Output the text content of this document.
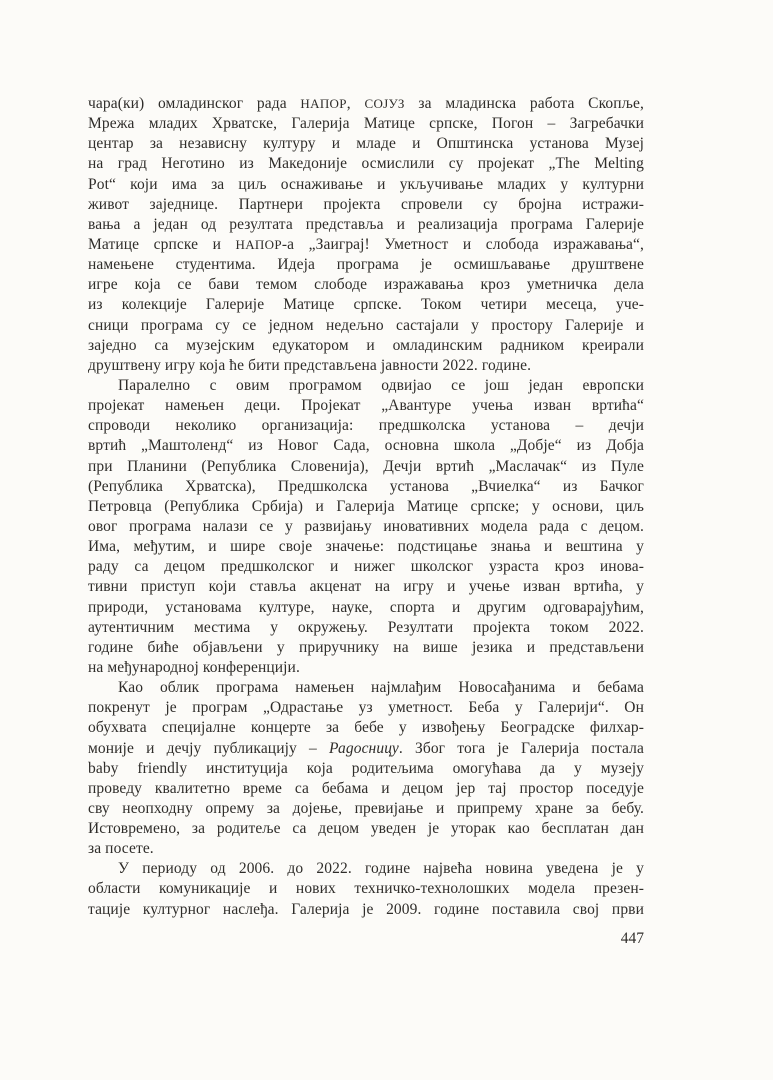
чара(ки) омладинског рада НАПОР, СОЈУЗ за младинска работа Скопље,
Мрежа младих Хрватске, Галерија Матице српске, Погон – Загребачки
центар за независну културу и младе и Општинска установа Музеј
на град Неготино из Македоније осмислили су пројекат „The Melting
Pot“ који има за циљ оснаживање и укључивање младих у културни
живот заједнице. Партнери пројекта спровели су бројна истражи-
вања а један од резултата представља и реализација програма Галерије
Матице српске и НАПОР-а „Заиграј! Уметност и слобода изражавања“,
намењене студентима. Идеја програма је осмишљавање друштвене
игре која се бави темом слободе изражавања кроз уметничка дела
из колекције Галерије Матице српске. Током четири месеца, уче-
сници програма су се једном недељно састајали у простору Галерије и
заједно са музејским едукатором и омладинским радником креирали
друштвену игру која ће бити представљена јавности 2022. године.
Паралелно с овим програмом одвијао се још један европски
пројекат намењен деци. Пројекат „Авантуре учења изван вртића“
спроводи неколико организација: предшколска установа – дечји
вртић „Маштоленд“ из Новог Сада, основна школа „Добје“ из Добја
при Планини (Република Словенија), Дечји вртић „Маслачак“ из Пуле
(Република Хрватска), Предшколска установа „Вчиелка“ из Бачког
Петровца (Република Србија) и Галерија Матице српске; у основи, циљ
овог програма налази се у развијању иновативних модела рада с децом.
Има, међутим, и шире своје значење: подстицање знања и вештина у
раду са децом предшколског и нижег школског узраста кроз инова-
тивни приступ који ставља акценат на игру и учење изван вртића, у
природи, установама културе, науке, спорта и другим одговарајућим,
аутентичним местима у окружењу. Резултати пројекта током 2022.
године биће објављени у приручнику на више језика и представљени
на међународној конференцији.
Као облик програма намењен најмлађим Новосађанима и бебама
покренут је програм „Одрастање уз уметност. Беба у Галерији“. Он
обухвата специјалне концерте за бебе у извођењу Београдске филхар-
моније и дечју публикацију – Радосницу. Због тога је Галерија постала
baby friendly институција која родитељима омогућава да у музеју
проведу квалитетно време са бебама и децом јер тај простор поседује
сву неопходну опрему за дојење, превијање и припрему хране за бебу.
Истовремено, за родитеље са децом уведен је уторак као бесплатан дан
за посете.
У периоду од 2006. до 2022. године највећа новина уведена је у
области комуникације и нових техничко-технолошких модела презен-
тације културног наслеђа. Галерија је 2009. године поставила свој први
447
